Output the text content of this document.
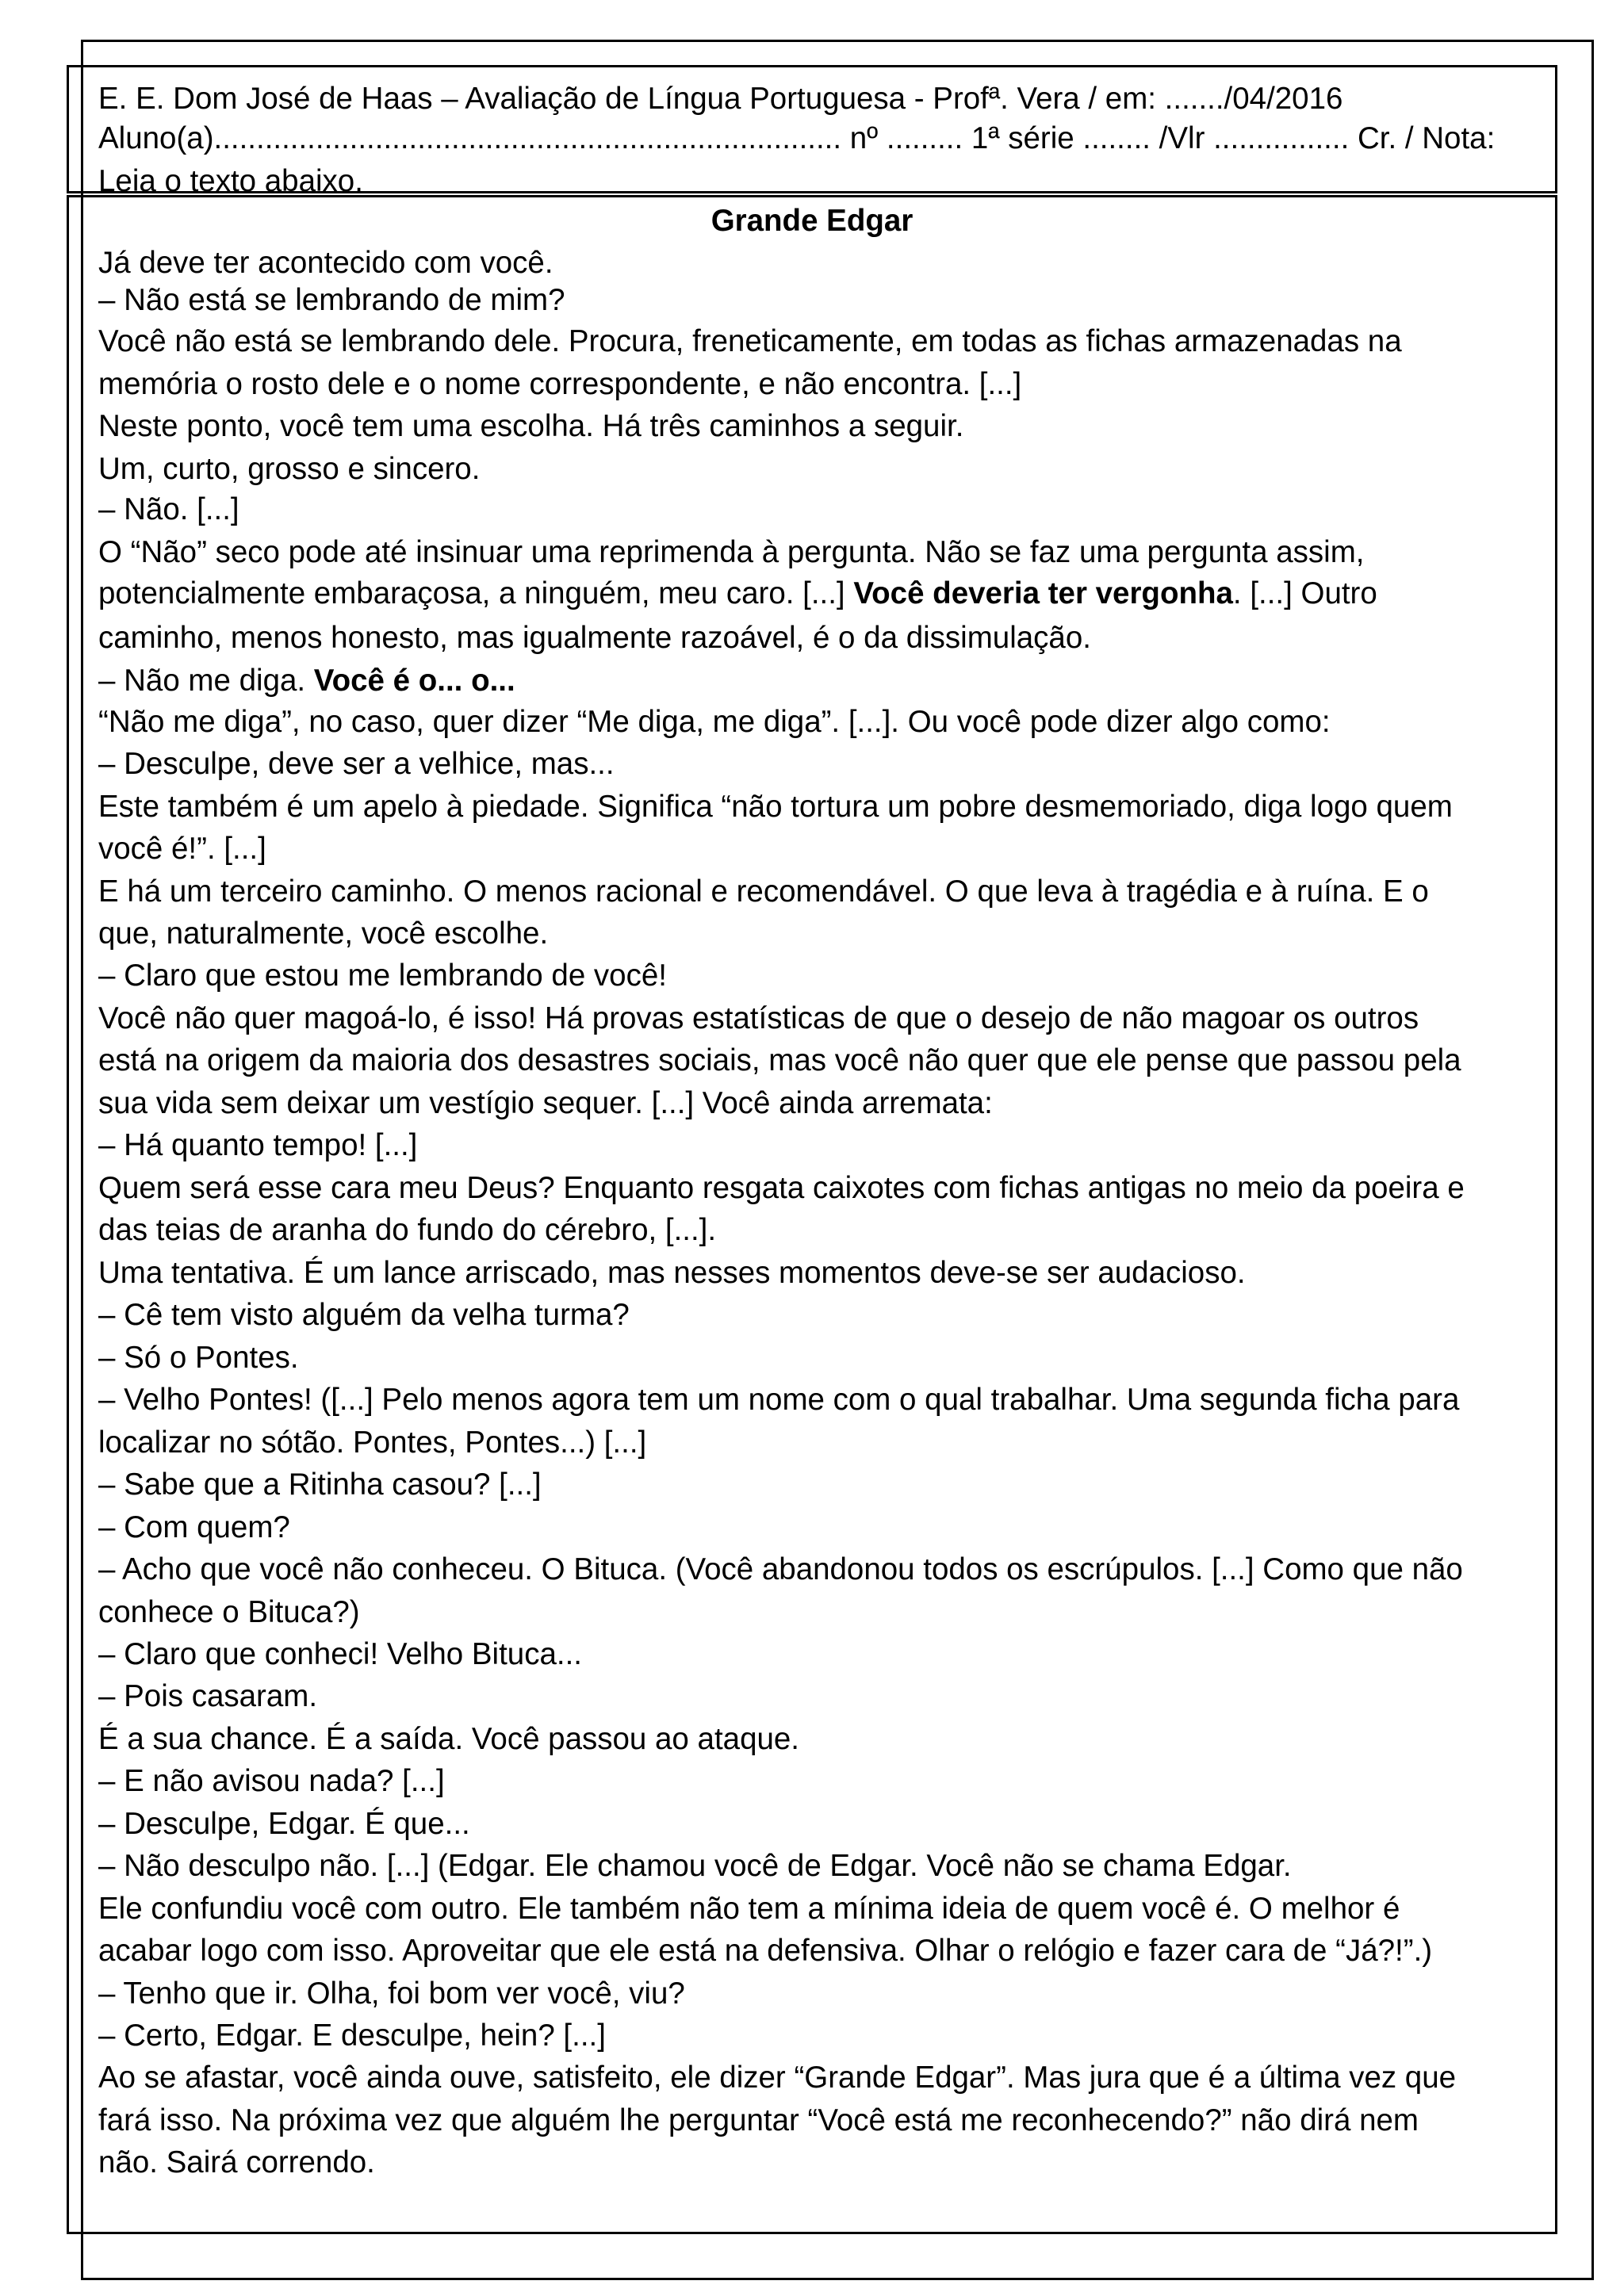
E. E. Dom José de Haas – Avaliação de Língua Portuguesa - Profª. Vera / em: ......./04/2016
Aluno(a).......................................................................... nº ......... 1ª série ........ /Vlr ................ Cr. / Nota:
Leia o texto abaixo.
Grande Edgar
Já deve ter acontecido com você.
– Não está se lembrando de mim?
Você não está se lembrando dele. Procura, freneticamente, em todas as fichas armazenadas na
memória o rosto dele e o nome correspondente, e não encontra. [...]
Neste ponto, você tem uma escolha. Há três caminhos a seguir.
Um, curto, grosso e sincero.
– Não. [...]
O “Não” seco pode até insinuar uma reprimenda à pergunta. Não se faz uma pergunta assim,
potencialmente embaraçosa, a ninguém, meu caro. [...] Você deveria ter vergonha. [...] Outro
caminho, menos honesto, mas igualmente razoável, é o da dissimulação.
– Não me diga. Você é o... o...
“Não me diga”, no caso, quer dizer “Me diga, me diga”. [...]. Ou você pode dizer algo como:
– Desculpe, deve ser a velhice, mas...
Este também é um apelo à piedade. Significa “não tortura um pobre desmemoriado, diga logo quem
você é!”. [...]
E há um terceiro caminho. O menos racional e recomendável. O que leva à tragédia e à ruína. E o
que, naturalmente, você escolhe.
– Claro que estou me lembrando de você!
Você não quer magoá-lo, é isso! Há provas estatísticas de que o desejo de não magoar os outros
está na origem da maioria dos desastres sociais, mas você não quer que ele pense que passou pela
sua vida sem deixar um vestígio sequer. [...] Você ainda arremata:
– Há quanto tempo! [...]
Quem será esse cara meu Deus? Enquanto resgata caixotes com fichas antigas no meio da poeira e
das teias de aranha do fundo do cérebro, [...].
Uma tentativa. É um lance arriscado, mas nesses momentos deve-se ser audacioso.
– Cê tem visto alguém da velha turma?
– Só o Pontes.
– Velho Pontes! ([...] Pelo menos agora tem um nome com o qual trabalhar. Uma segunda ficha para
localizar no sótão. Pontes, Pontes...) [...]
– Sabe que a Ritinha casou? [...]
– Com quem?
– Acho que você não conheceu. O Bituca. (Você abandonou todos os escrúpulos. [...] Como que não
conhece o Bituca?)
– Claro que conheci! Velho Bituca...
– Pois casaram.
É a sua chance. É a saída. Você passou ao ataque.
– E não avisou nada? [...]
– Desculpe, Edgar. É que...
– Não desculpo não. [...] (Edgar. Ele chamou você de Edgar. Você não se chama Edgar.
Ele confundiu você com outro. Ele também não tem a mínima ideia de quem você é. O melhor é
acabar logo com isso. Aproveitar que ele está na defensiva. Olhar o relógio e fazer cara de “Já?!”.)
– Tenho que ir. Olha, foi bom ver você, viu?
– Certo, Edgar. E desculpe, hein? [...]
Ao se afastar, você ainda ouve, satisfeito, ele dizer “Grande Edgar”. Mas jura que é a última vez que
fará isso. Na próxima vez que alguém lhe perguntar “Você está me reconhecendo?” não dirá nem
não. Sairá correndo.
